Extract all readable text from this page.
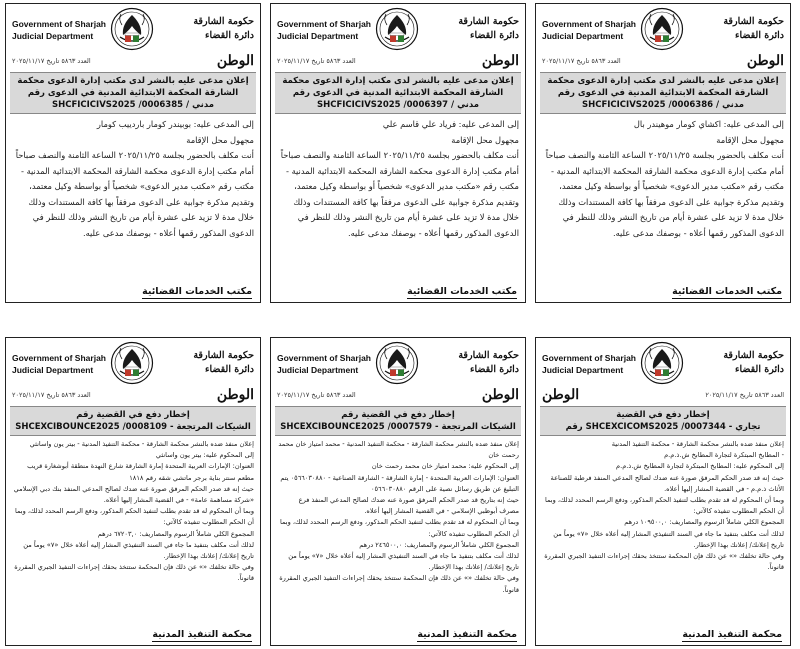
Government of Sharjah
Judicial Department
حكومة الشارقة
دائرة القضاء
العدد ٥٨٦٣ تاريخ ٢٠٢٥/١١/١٧	الوطن
إعلان مدعى عليه بالنشر لدى مكتب إدارة الدعوى محكمة الشارقة المحكمة الابتدائية المدنية في الدعوى رقم
SHCFICICIVS2025 /0006386 / مدني

إلى المدعى عليه: اكشاي كومار موهيندر بال

مجهول محل الإقامة

أنت مكلف بالحضور بجلسة ٢٠٢٥/١١/٢٥ الساعة الثامنة والنصف صباحاً أمام مكتب إدارة الدعوى محكمة الشارقة المحكمة الابتدائية المدنية - مكتب رقم «مكتب مدير الدعوى» شخصياً أو بواسطة وكيل معتمد، وتقديم مذكرة جوابية على الدعوى مرفقاً بها كافة المستندات وذلك خلال مدة لا تزيد على عشرة أيام من تاريخ النشر وذلك للنظر في الدعوى المذكور رقمها أعلاه - بوصفك مدعى عليه.

مكتب الخدمات القضائية
Government of Sharjah
Judicial Department
حكومة الشارقة
دائرة القضاء
العدد ٥٨٦٣ تاريخ ٢٠٢٥/١١/١٧	الوطن
إعلان مدعى عليه بالنشر لدى مكتب إدارة الدعوى محكمة الشارقة المحكمة الابتدائية المدنية في الدعوى رقم
SHCFICICIVS2025 /0006397 / مدني

إلى المدعى عليه: فرياد علي قاسم علي

مجهول محل الإقامة

أنت مكلف بالحضور بجلسة ٢٠٢٥/١١/٢٥ الساعة الثامنة والنصف صباحاً أمام مكتب إدارة الدعوى محكمة الشارقة المحكمة الابتدائية المدنية - مكتب رقم «مكتب مدير الدعوى» شخصياً أو بواسطة وكيل معتمد، وتقديم مذكرة جوابية على الدعوى مرفقاً بها كافة المستندات وذلك خلال مدة لا تزيد على عشرة أيام من تاريخ النشر وذلك للنظر في الدعوى المذكور رقمها أعلاه - بوصفك مدعى عليه.

مكتب الخدمات القضائية
Government of Sharjah
Judicial Department
حكومة الشارقة
دائرة القضاء
العدد ٥٨٦٣ تاريخ ٢٠٢٥/١١/١٧	الوطن
إعلان مدعى عليه بالنشر لدى مكتب إدارة الدعوى محكمة الشارقة المحكمة الابتدائية المدنية في الدعوى رقم
SHCFICICIVS2025 /0006385 / مدني

إلى المدعى عليه: بوبيندر كومار باردييب كومار

مجهول محل الإقامة

أنت مكلف بالحضور بجلسة ٢٠٢٥/١١/٢٥ الساعة الثامنة والنصف صباحاً أمام مكتب إدارة الدعوى محكمة الشارقة المحكمة الابتدائية المدنية - مكتب رقم «مكتب مدير الدعوى» شخصياً أو بواسطة وكيل معتمد، وتقديم مذكرة جوابية على الدعوى مرفقاً بها كافة المستندات وذلك خلال مدة لا تزيد على عشرة أيام من تاريخ النشر وذلك للنظر في الدعوى المذكور رقمها أعلاه - بوصفك مدعى عليه.

مكتب الخدمات القضائية
Government of Sharjah
Judicial Department
حكومة الشارقة
دائرة القضاء
الوطن	العدد ٥٨٦٣ تاريخ ٢٠٢٥/١١/١٧
إخطار دفع في القضية
رقم SHCEXCICOMS2025 /0007344 - تجاري

إعلان منفذ ضده بالنشر محكمة الشارقة - محكمة التنفيذ المدنية

- المطابخ المبتكرة لتجارة المطابخ ش.ذ.م.م

إلى المحكوم عليه: المطابخ المبتكرة لتجارة المطابخ ش.ذ.م.م

حيث إنه قد صدر الحكم المرفق صورة عنه ضدك لصالح المدعي المنفذ فرطبة للصناعة الأثاث ذ.م.م - في القضية المشار إليها أعلاه.

وبما أن المحكوم له قد تقدم بطلب لتنفيذ الحكم المذكور، ودفع الرسم المحدد لذلك، وبما أن الحكم المطلوب تنفيذه كالآتي:

المجموع الكلي شاملاً الرسوم والمصاريف: ١٠٩٥٠٠,٠ درهم

لذلك أنت مكلف بتنفيذ ما جاء في السند التنفيذي المشار إليه أعلاه خلال «٧» يوماً من تاريخ إعلانك/ إعلانك بهذا الإخطار.

وفي حالة تخلفك «» عن ذلك فإن المحكمة ستتخذ بحقك إجراءات التنفيذ الجبري المقررة قانوناً.

محكمة التنفيذ المدنية
Government of Sharjah
Judicial Department
حكومة الشارقة
دائرة القضاء
العدد ٥٨٦٣ تاريخ ٢٠٢٥/١١/١٧	الوطن
إخطار دفع في القضية رقم
SHCEXCIBOUNCE2025 /0007579 - الشيكات المرتجعة

إعلان منفذ ضده بالنشر محكمة الشارقة - محكمة التنفيذ المدنية - محمد امتياز خان محمد رحمت خان

إلى المحكوم عليه: محمد امتياز خان محمد رحمت خان

العنوان: الإمارات العربية المتحدة - إمارة الشارقة - الشارقة الصناعية - ٠٥٦٦٠٣٠٨٨٠ يتم التبليغ عن طريق رسائل نصية على الرقم ٠٥٦٦٠٣٠٨٨٠

حيث إنه بتاريخ قد صدر الحكم المرفق صورة عنه ضدك لصالح المدعي المنفذ فرع مصرف أبوظبي الإسلامي - في القضية المشار إليها أعلاه.

وبما أن المحكوم له قد تقدم بطلب لتنفيذ الحكم المذكور، ودفع الرسم المحدد لذلك، وبما أن الحكم المطلوب تنفيذه كالآتي:

المجموع الكلي شاملاً الرسوم والمصاريف: ٢٤٦٥٠٠,٠ درهم

لذلك أنت مكلف بتنفيذ ما جاء في السند التنفيذي المشار إليه أعلاه خلال «٧» يوماً من تاريخ إعلانك/ إعلانك بهذا الإخطار.

وفي حالة تخلفك «» عن ذلك فإن المحكمة ستتخذ بحقك إجراءات التنفيذ الجبري المقررة قانوناً.

محكمة التنفيذ المدنية
Government of Sharjah
Judicial Department
حكومة الشارقة
دائرة القضاء
العدد ٥٨٦٣ تاريخ ٢٠٢٥/١١/١٧	الوطن
إخطار دفع في القضية رقم
SHCEXCIBOUNCE2025 /0008109 - الشيكات المرتجعة

إعلان منفذ ضده بالنشر محكمة الشارقة - محكمة التنفيذ المدنية - بيتر يون واسانثي

إلى المحكوم عليه: بيتر يون واسانثي

العنوان: الإمارات العربية المتحدة إمارة الشارقة شارع النهدة منطقة أبوشغارة قريب مطعم سنتر بناية برجر ماتشي شقه رقم ١٨١٨

حيث إنه قد صدر الحكم المرفق صورة عنه ضدك لصالح المدعي المنفذ بنك دبي الإسلامي «شركة مساهمة عامة» - في القضية المشار إليها أعلاه.

وبما أن المحكوم له قد تقدم بطلب لتنفيذ الحكم المذكور، ودفع الرسم المحدد لذلك، وبما أن الحكم المطلوب تنفيذه كالآتي:

المجموع الكلي شاملاً الرسوم والمصاريف: ٦٧٢٠٣,٠ درهم

لذلك أنت مكلف بتنفيذ ما جاء في السند التنفيذي المشار إليه أعلاه خلال «٧» يوماً من تاريخ إعلانك/ إعلانك بهذا الإخطار.

وفي حالة تخلفك «» عن ذلك فإن المحكمة ستتخذ بحقك إجراءات التنفيذ الجبري المقررة قانوناً.

محكمة التنفيذ المدنية
